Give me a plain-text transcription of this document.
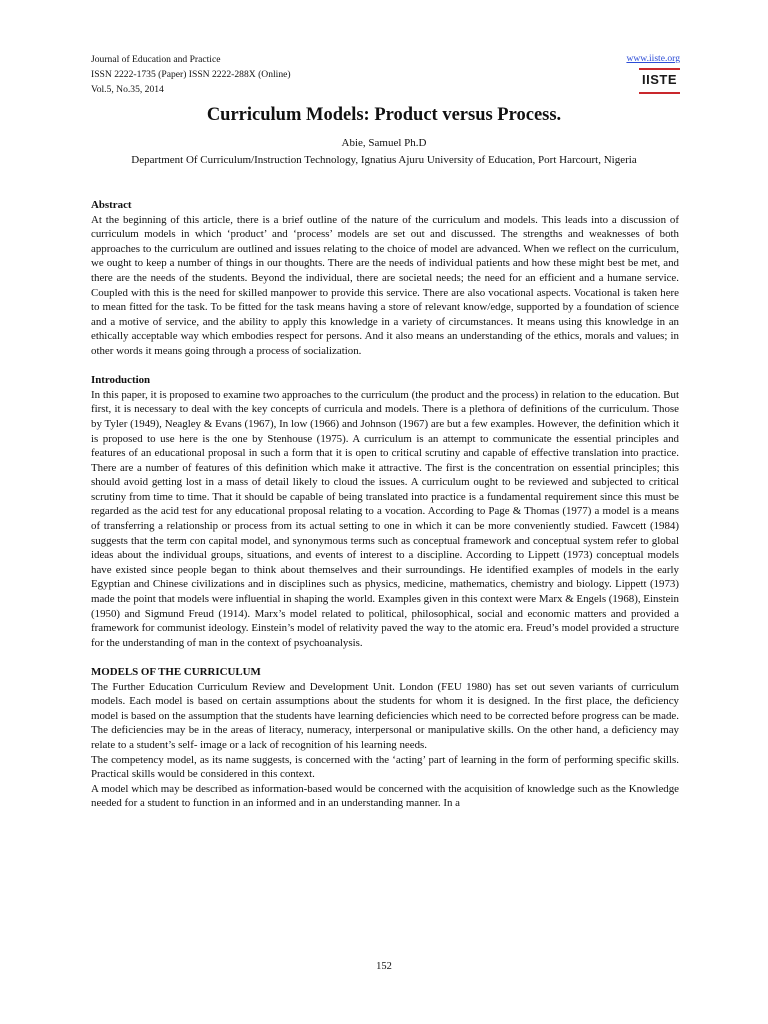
Journal of Education and Practice
ISSN 2222-1735 (Paper) ISSN 2222-288X (Online)
Vol.5, No.35, 2014
www.iiste.org
IISTE
Curriculum Models: Product versus Process.
Abie, Samuel Ph.D
Department Of Curriculum/Instruction Technology, Ignatius Ajuru University of Education, Port Harcourt, Nigeria
Abstract

At the beginning of this article, there is a brief outline of the nature of the curriculum and models. This leads into a discussion of curriculum models in which ‘product’ and ‘process’ models are set out and discussed. The strengths and weaknesses of both approaches to the curriculum are outlined and issues relating to the choice of model are advanced. When we reflect on the curriculum, we ought to keep a number of things in our thoughts. There are the needs of individual patients and how these might best be met, and there are the needs of the students. Beyond the individual, there are societal needs; the need for an efficient and a humane service. Coupled with this is the need for skilled manpower to provide this service. There are also vocational aspects. Vocational is taken here to mean fitted for the task. To be fitted for the task means having a store of relevant know/edge, supported by a foundation of science and a motive of service, and the ability to apply this knowledge in a variety of circumstances. It means using this knowledge in an ethically acceptable way which embodies respect for persons. And it also means an understanding of the ethics, morals and values; in other words it means going through a process of socialization.

Introduction

In this paper, it is proposed to examine two approaches to the curriculum (the product and the process) in relation to the education. But first, it is necessary to deal with the key concepts of curricula and models. There is a plethora of definitions of the curriculum. Those by Tyler (1949), Neagley & Evans (1967), In low (1966) and Johnson (1967) are but a few examples. However, the definition which it is proposed to use here is the one by Stenhouse (1975). A curriculum is an attempt to communicate the essential principles and features of an educational proposal in such a form that it is open to critical scrutiny and capable of effective translation into practice. There are a number of features of this definition which make it attractive. The first is the concentration on essential principles; this should avoid getting lost in a mass of detail likely to cloud the issues. A curriculum ought to be reviewed and subjected to critical scrutiny from time to time. That it should be capable of being translated into practice is a fundamental requirement since this must be regarded as the acid test for any educational proposal relating to a vocation. According to Page & Thomas (1977) a model is a means of transferring a relationship or process from its actual setting to one in which it can be more conveniently studied. Fawcett (1984) suggests that the term con capital model, and synonymous terms such as conceptual framework and conceptual system refer to global ideas about the individual groups, situations, and events of interest to a discipline. According to Lippett (1973) conceptual models have existed since people began to think about themselves and their surroundings. He identified examples of models in the early Egyptian and Chinese civilizations and in disciplines such as physics, medicine, mathematics, chemistry and biology. Lippett (1973) made the point that models were influential in shaping the world. Examples given in this context were Marx & Engels (1968), Einstein (1950) and Sigmund Freud (1914). Marx’s model related to political, philosophical, social and economic matters and provided a framework for communist ideology. Einstein’s model of relativity paved the way to the atomic era. Freud’s model provided a structure for the understanding of man in the context of psychoanalysis.

MODELS OF THE CURRICULUM

The Further Education Curriculum Review and Development Unit. London (FEU 1980) has set out seven variants of curriculum models. Each model is based on certain assumptions about the students for whom it is designed. In the first place, the deficiency model is based on the assumption that the students have learning deficiencies which need to be corrected before progress can be made. The deficiencies may be in the areas of literacy, numeracy, interpersonal or manipulative skills. On the other hand, a deficiency may relate to a student’s self- image or a lack of recognition of his learning needs.

The competency model, as its name suggests, is concerned with the ‘acting’ part of learning in the form of performing specific skills. Practical skills would be considered in this context.

A model which may be described as information-based would be concerned with the acquisition of knowledge such as the Knowledge needed for a student to function in an informed and in an understanding manner. In a

152
